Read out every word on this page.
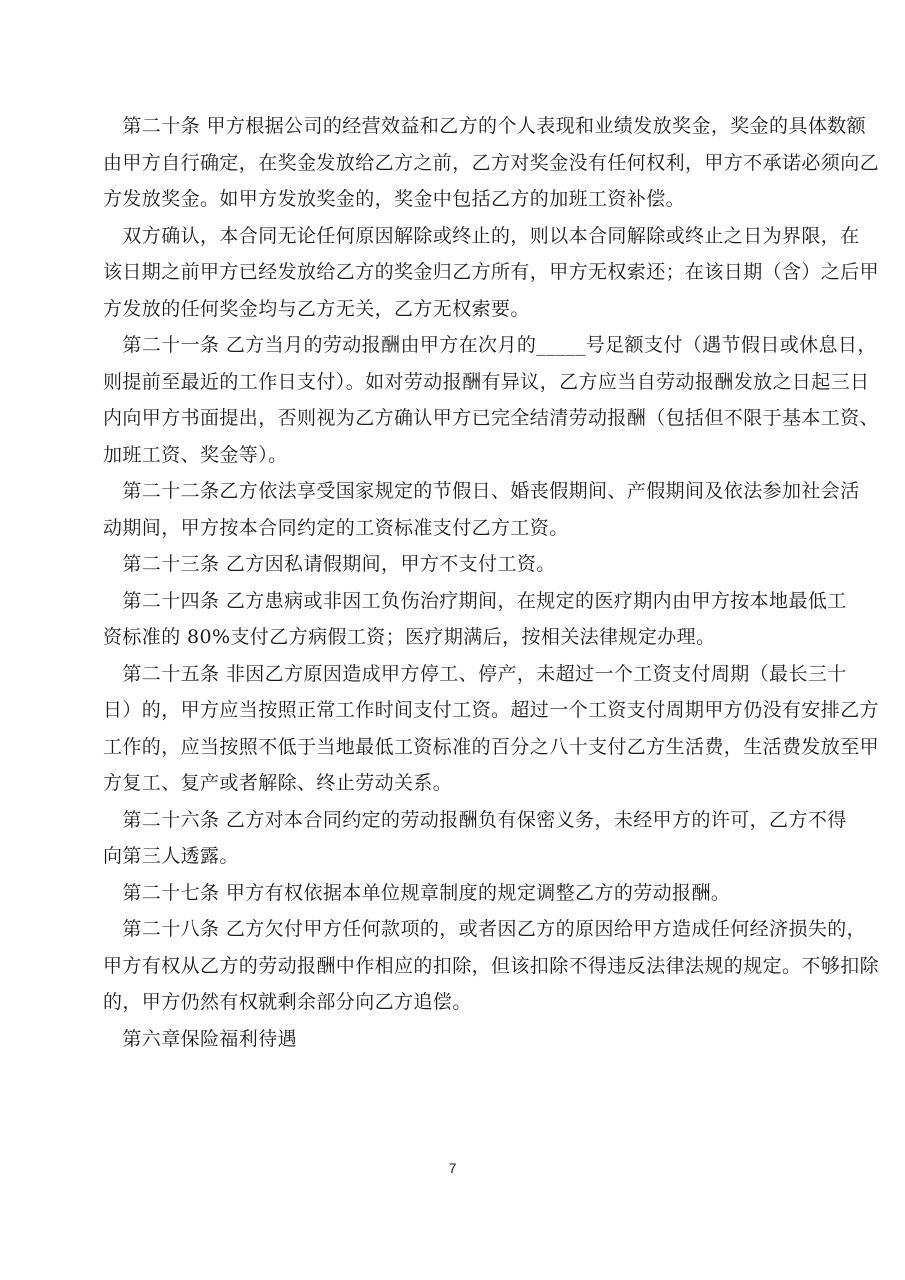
　第二十条 甲方根据公司的经营效益和乙方的个人表现和业绩发放奖金，奖金的具体数额
由甲方自行确定，在奖金发放给乙方之前，乙方对奖金没有任何权利，甲方不承诺必须向乙
方发放奖金。如甲方发放奖金的，奖金中包括乙方的加班工资补偿。
　双方确认，本合同无论任何原因解除或终止的，则以本合同解除或终止之日为界限，在
该日期之前甲方已经发放给乙方的奖金归乙方所有，甲方无权索还；在该日期（含）之后甲
方发放的任何奖金均与乙方无关，乙方无权索要。
　第二十一条 乙方当月的劳动报酬由甲方在次月的_____号足额支付（遇节假日或休息日，
则提前至最近的工作日支付）。如对劳动报酬有异议，乙方应当自劳动报酬发放之日起三日
内向甲方书面提出，否则视为乙方确认甲方已完全结清劳动报酬（包括但不限于基本工资、
加班工资、奖金等）。
　第二十二条乙方依法享受国家规定的节假日、婚丧假期间、产假期间及依法参加社会活
动期间，甲方按本合同约定的工资标准支付乙方工资。
　第二十三条 乙方因私请假期间，甲方不支付工资。
　第二十四条 乙方患病或非因工负伤治疗期间，在规定的医疗期内由甲方按本地最低工
资标准的 80%支付乙方病假工资；医疗期满后，按相关法律规定办理。
　第二十五条 非因乙方原因造成甲方停工、停产，未超过一个工资支付周期（最长三十
日）的，甲方应当按照正常工作时间支付工资。超过一个工资支付周期甲方仍没有安排乙方
工作的，应当按照不低于当地最低工资标准的百分之八十支付乙方生活费，生活费发放至甲
方复工、复产或者解除、终止劳动关系。
　第二十六条 乙方对本合同约定的劳动报酬负有保密义务，未经甲方的许可，乙方不得
向第三人透露。
　第二十七条 甲方有权依据本单位规章制度的规定调整乙方的劳动报酬。
　第二十八条 乙方欠付甲方任何款项的，或者因乙方的原因给甲方造成任何经济损失的，
甲方有权从乙方的劳动报酬中作相应的扣除，但该扣除不得违反法律法规的规定。不够扣除
的，甲方仍然有权就剩余部分向乙方追偿。
　第六章保险福利待遇
7
